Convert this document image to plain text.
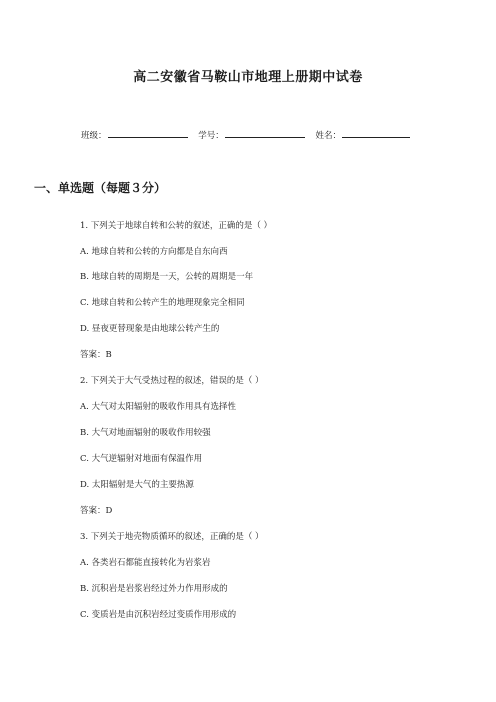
高二安徽省马鞍山市地理上册期中试卷
班级：	学号：	姓名：
一、单选题（每题３分）
1. 下列关于地球自转和公转的叙述，正确的是（ ）
A. 地球自转和公转的方向都是自东向西
B. 地球自转的周期是一天，公转的周期是一年
C. 地球自转和公转产生的地理现象完全相同
D. 昼夜更替现象是由地球公转产生的
答案：B
2. 下列关于大气受热过程的叙述，错误的是（ ）
A. 大气对太阳辐射的吸收作用具有选择性
B. 大气对地面辐射的吸收作用较强
C. 大气逆辐射对地面有保温作用
D. 太阳辐射是大气的主要热源
答案：D
3. 下列关于地壳物质循环的叙述，正确的是（ ）
A. 各类岩石都能直接转化为岩浆岩
B. 沉积岩是岩浆岩经过外力作用形成的
C. 变质岩是由沉积岩经过变质作用形成的
